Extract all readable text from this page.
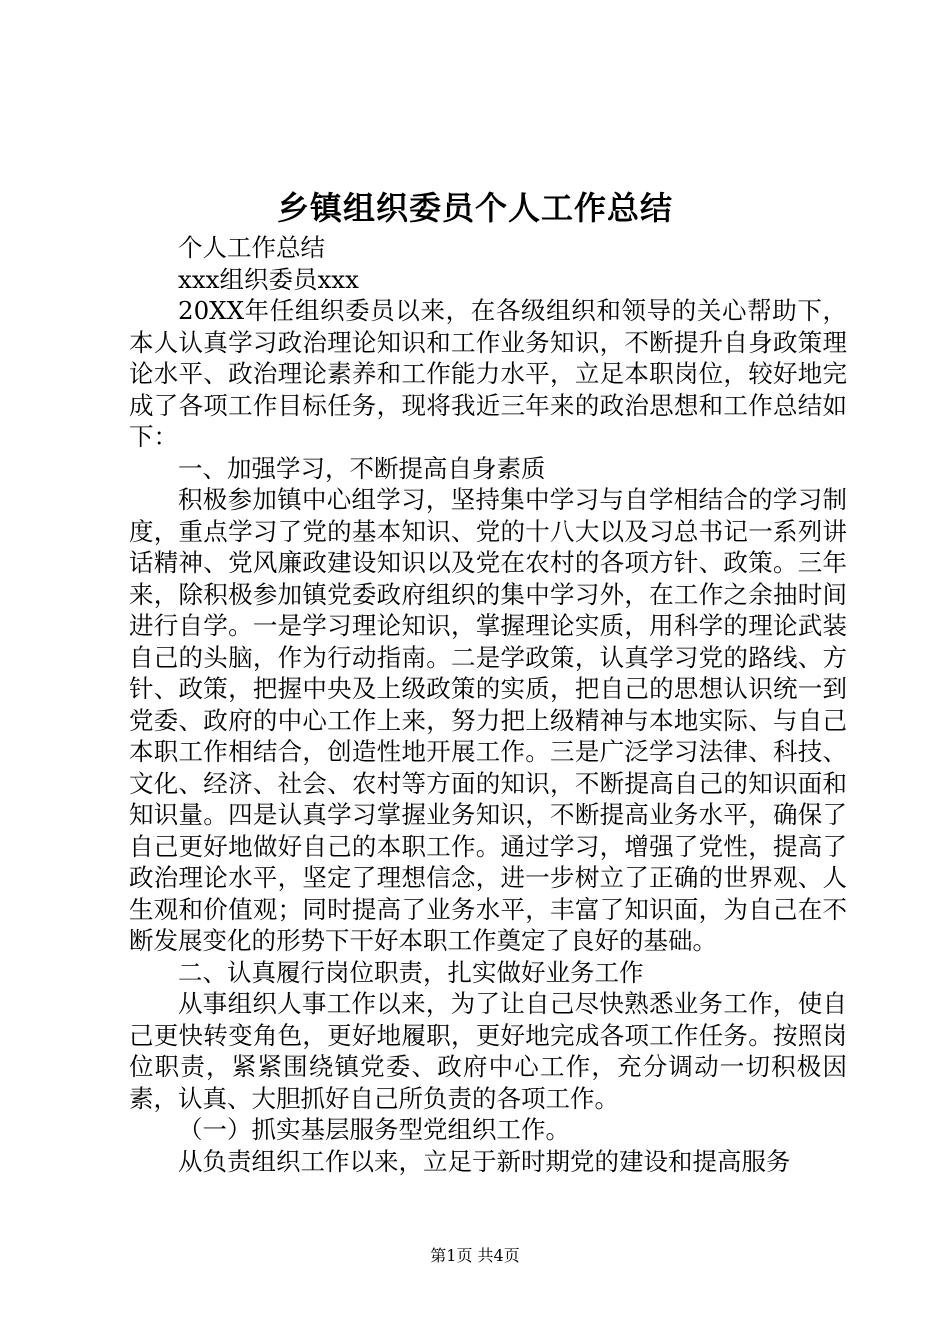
乡镇组织委员个人工作总结

个人工作总结

xxx组织委员xxx

20XX年任组织委员以来，在各级组织和领导的关心帮助下，本人认真学习政治理论知识和工作业务知识，不断提升自身政策理论水平、政治理论素养和工作能力水平，立足本职岗位，较好地完成了各项工作目标任务，现将我近三年来的政治思想和工作总结如下：

一、加强学习，不断提高自身素质

积极参加镇中心组学习，坚持集中学习与自学相结合的学习制度，重点学习了党的基本知识、党的十八大以及习总书记一系列讲话精神、党风廉政建设知识以及党在农村的各项方针、政策。三年来，除积极参加镇党委政府组织的集中学习外，在工作之余抽时间进行自学。一是学习理论知识，掌握理论实质，用科学的理论武装自己的头脑，作为行动指南。二是学政策，认真学习党的路线、方针、政策，把握中央及上级政策的实质，把自己的思想认识统一到党委、政府的中心工作上来，努力把上级精神与本地实际、与自己本职工作相结合，创造性地开展工作。三是广泛学习法律、科技、文化、经济、社会、农村等方面的知识，不断提高自己的知识面和知识量。四是认真学习掌握业务知识，不断提高业务水平，确保了自己更好地做好自己的本职工作。通过学习，增强了党性，提高了政治理论水平，坚定了理想信念，进一步树立了正确的世界观、人生观和价值观；同时提高了业务水平，丰富了知识面，为自己在不断发展变化的形势下干好本职工作奠定了良好的基础。

二、认真履行岗位职责，扎实做好业务工作

从事组织人事工作以来，为了让自己尽快熟悉业务工作，使自己更快转变角色，更好地履职，更好地完成各项工作任务。按照岗位职责，紧紧围绕镇党委、政府中心工作，充分调动一切积极因素，认真、大胆抓好自己所负责的各项工作。

（一）抓实基层服务型党组织工作。

从负责组织工作以来，立足于新时期党的建设和提高服务

第1页 共4页
